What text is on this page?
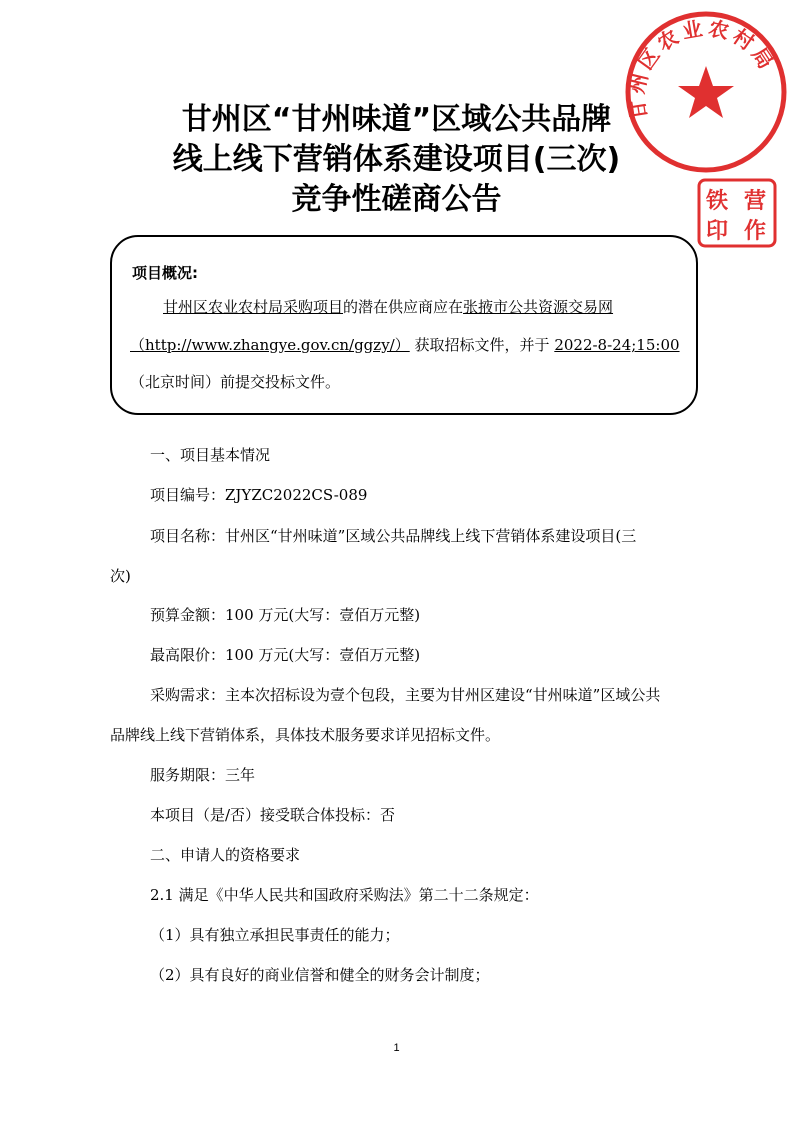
甘州区“甘州味道”区域公共品牌
线上线下营销体系建设项目(三次)
竞争性磋商公告
甘州区农业农村局
铁 营
印 作
项目概况:
甘州区农业农村局采购项目的潜在供应商应在张掖市公共资源交易网
（http://www.zhangye.gov.cn/ggzy/） 获取招标文件，并于 2022-8-24;15:00
（北京时间）前提交投标文件。
一、项目基本情况
项目编号：ZJYZC2022CS-089
项目名称：甘州区“甘州味道”区域公共品牌线上线下营销体系建设项目(三
次)
预算金额：100 万元(大写：壹佰万元整)
最高限价：100 万元(大写：壹佰万元整)
采购需求：主本次招标设为壹个包段，主要为甘州区建设“甘州味道”区域公共
品牌线上线下营销体系，具体技术服务要求详见招标文件。
服务期限：三年
本项目（是/否）接受联合体投标：否
二、申请人的资格要求
2.1 满足《中华人民共和国政府采购法》第二十二条规定：
（1）具有独立承担民事责任的能力；
（2）具有良好的商业信誉和健全的财务会计制度；
1
